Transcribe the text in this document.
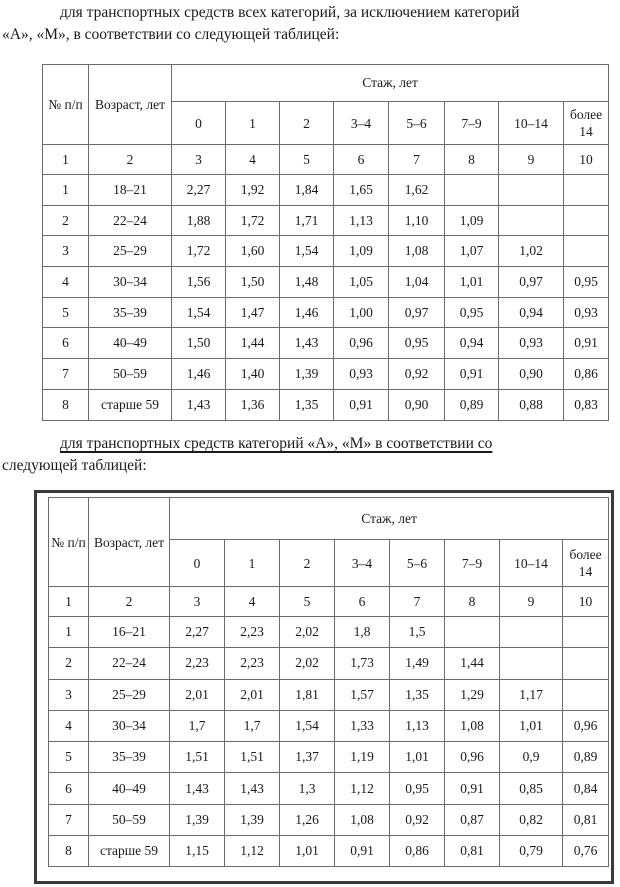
для транспортных средств всех категорий, за исключением категорий
«А», «М», в соответствии со следующей таблицей:

№ п/п	Возраст, лет	Стаж, лет							
		0	1	2	3–4	5–6	7–9	10–14	более 14
1	2	3	4	5	6	7	8	9	10
1	18–21	2,27	1,92	1,84	1,65	1,62			
2	22–24	1,88	1,72	1,71	1,13	1,10	1,09		
3	25–29	1,72	1,60	1,54	1,09	1,08	1,07	1,02	
4	30–34	1,56	1,50	1,48	1,05	1,04	1,01	0,97	0,95
5	35–39	1,54	1,47	1,46	1,00	0,97	0,95	0,94	0,93
6	40–49	1,50	1,44	1,43	0,96	0,95	0,94	0,93	0,91
7	50–59	1,46	1,40	1,39	0,93	0,92	0,91	0,90	0,86
8	старше 59	1,43	1,36	1,35	0,91	0,90	0,89	0,88	0,83

для транспортных средств категорий «А», «М» в соответствии со
следующей таблицей:

№ п/п	Возраст, лет	Стаж, лет							
		0	1	2	3–4	5–6	7–9	10–14	более 14
1	2	3	4	5	6	7	8	9	10
1	16–21	2,27	2,23	2,02	1,8	1,5			
2	22–24	2,23	2,23	2,02	1,73	1,49	1,44		
3	25–29	2,01	2,01	1,81	1,57	1,35	1,29	1,17	
4	30–34	1,7	1,7	1,54	1,33	1,13	1,08	1,01	0,96
5	35–39	1,51	1,51	1,37	1,19	1,01	0,96	0,9	0,89
6	40–49	1,43	1,43	1,3	1,12	0,95	0,91	0,85	0,84
7	50–59	1,39	1,39	1,26	1,08	0,92	0,87	0,82	0,81
8	старше 59	1,15	1,12	1,01	0,91	0,86	0,81	0,79	0,76
